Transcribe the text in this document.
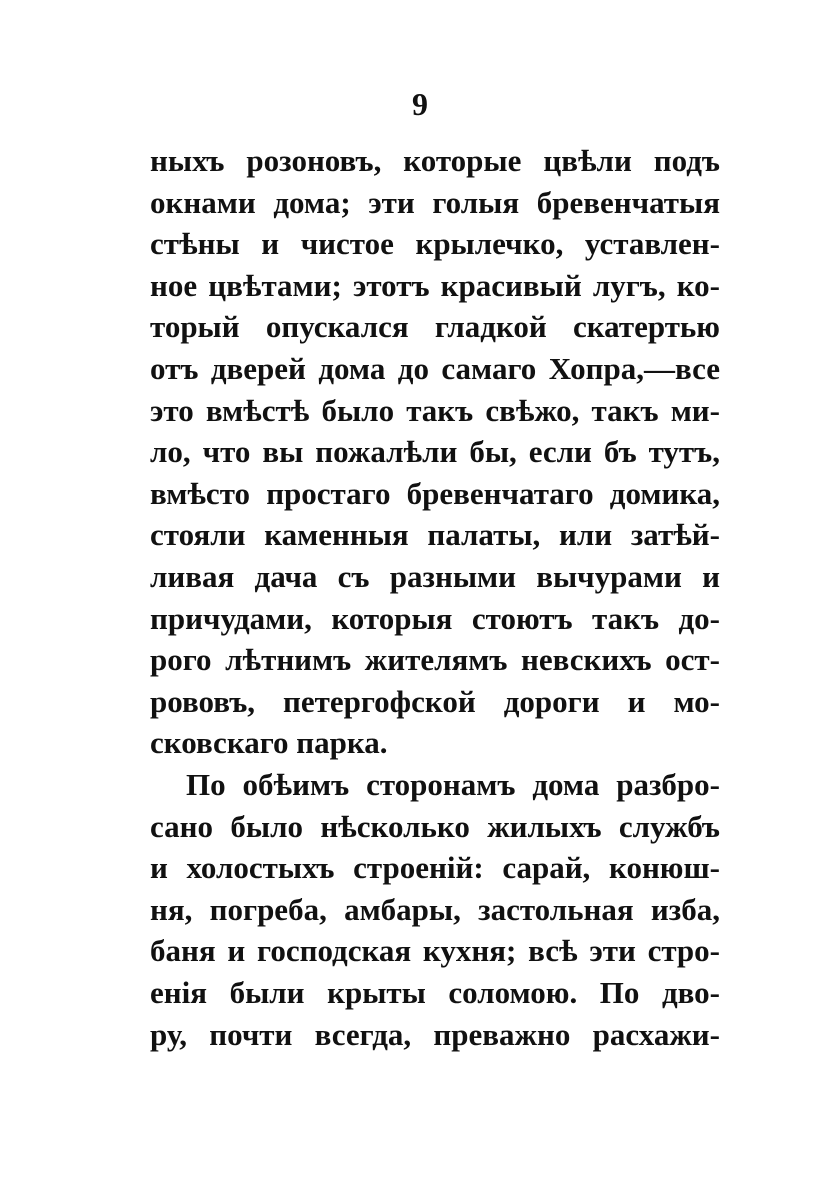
9
ныхъ розоновъ, которые цвѣли подъ
окнами дома; эти голыя бревенчатыя
стѣны и чистое крылечко, уставлен-
ное цвѣтами; этотъ красивый лугъ, ко-
торый опускался гладкой скатертью
отъ дверей дома до самаго Хопра,—все
это вмѣстѣ было такъ свѣжо, такъ ми-
ло, что вы пожалѣли бы, если бъ тутъ,
вмѣсто простаго бревенчатаго домика,
стояли каменныя палаты, или затѣй-
ливая дача съ разными вычурами и
причудами, которыя стоютъ такъ до-
рого лѣтнимъ жителямъ невскихъ ост-
рововъ, петергофской дороги и мо-
сковскаго парка.
По обѣимъ сторонамъ дома разбро-
сано было нѣсколько жилыхъ службъ
и холостыхъ строеній: сарай, конюш-
ня, погреба, амбары, застольная изба,
баня и господская кухня; всѣ эти стро-
енія были крыты соломою. По дво-
ру, почти всегда, преважно расхажи-
